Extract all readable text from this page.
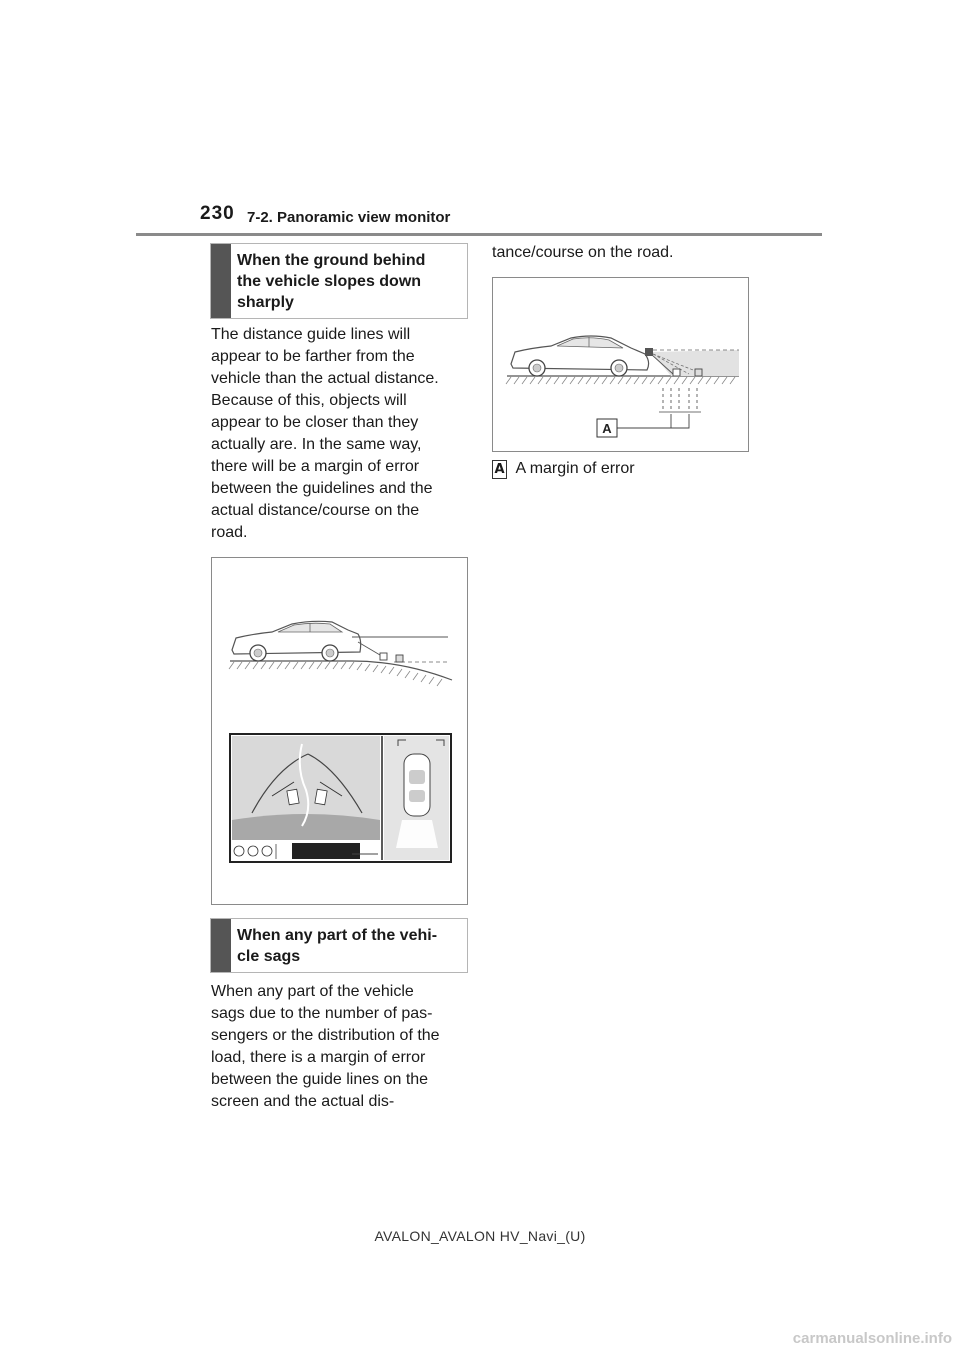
230 7-2. Panoramic view monitor
When the ground behind
the vehicle slopes down
sharply
The distance guide lines will
appear to be farther from the
vehicle than the actual distance.
Because of this, objects will
appear to be closer than they
actually are. In the same way,
there will be a margin of error
between the guidelines and the
actual distance/course on the
road.
When any part of the vehi-
cle sags
When any part of the vehicle
sags due to the number of pas-
sengers or the distribution of the
load, there is a margin of error
between the guide lines on the
screen and the actual dis-
tance/course on the road.
A
A A margin of error
AVALON_AVALON HV_Navi_(U)
carmanualsonline.info
